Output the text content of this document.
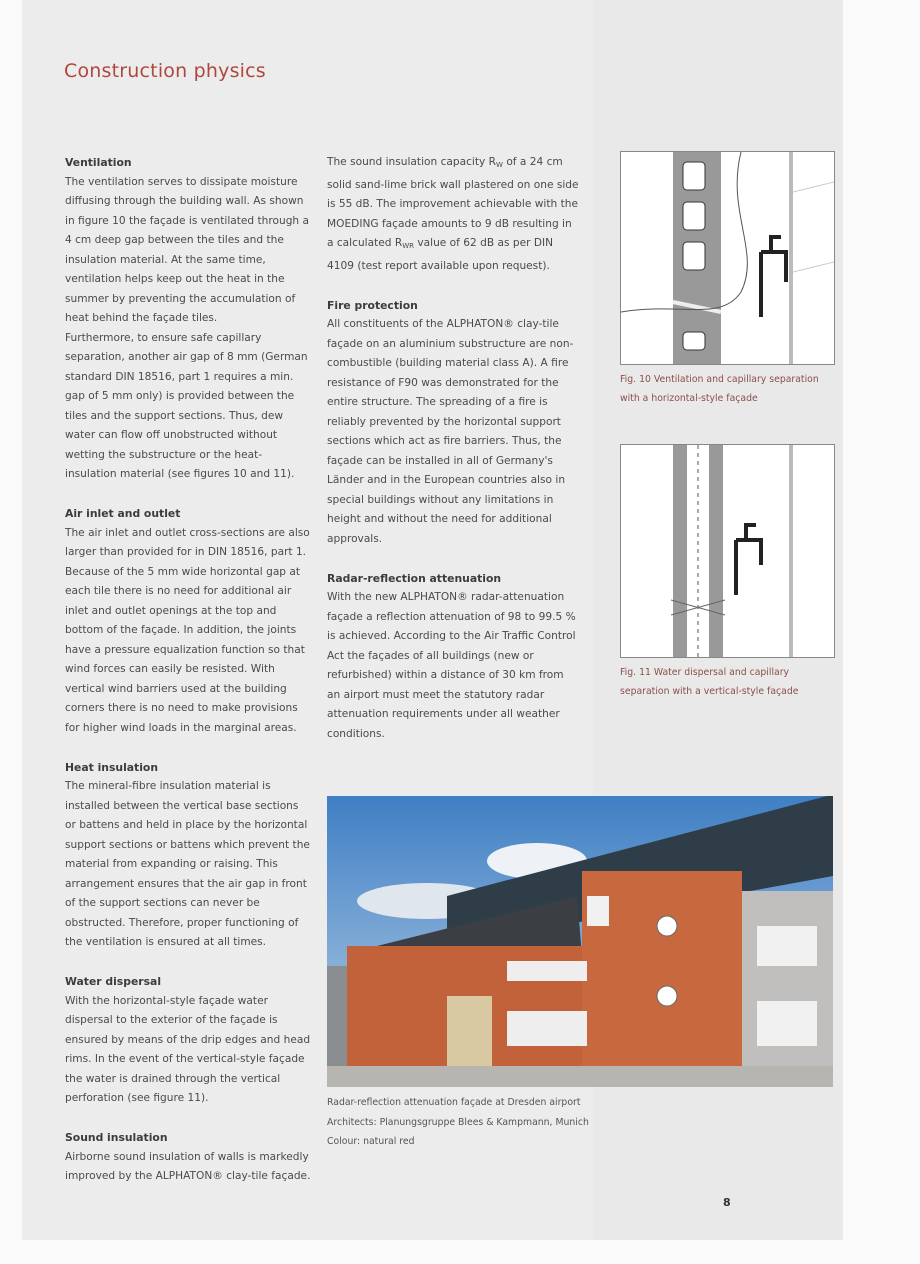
Construction physics
Ventilation

The ventilation serves to dissipate moisture diffusing through the building wall. As shown in figure 10 the façade is ventilated through a 4 cm deep gap between the tiles and the insulation material. At the same time, ventilation helps keep out the heat in the summer by preventing the accumulation of heat behind the façade tiles.

Furthermore, to ensure safe capillary separation, another air gap of 8 mm (German standard DIN 18516, part 1 requires a min. gap of 5 mm only) is provided between the tiles and the support sections. Thus, dew water can flow off unobstructed without wetting the substructure or the heat-insulation material (see figures 10 and 11).

Air inlet and outlet

The air inlet and outlet cross-sections are also larger than provided for in DIN 18516, part 1. Because of the 5 mm wide horizontal gap at each tile there is no need for additional air inlet and outlet openings at the top and bottom of the façade. In addition, the joints have a pressure equalization function so that wind forces can easily be resisted. With vertical wind barriers used at the building corners there is no need to make provisions for higher wind loads in the marginal areas.

Heat insulation

The mineral-fibre insulation material is installed between the vertical base sections or battens and held in place by the horizontal support sections or battens which prevent the material from expanding or raising. This arrangement ensures that the air gap in front of the support sections can never be obstructed. Therefore, proper functioning of the ventilation is ensured at all times.

Water dispersal

With the horizontal-style façade water dispersal to the exterior of the façade is ensured by means of the drip edges and head rims. In the event of the vertical-style façade the water is drained through the vertical perforation (see figure 11).

Sound insulation

Airborne sound insulation of walls is markedly improved by the ALPHATON® clay-tile façade.

The sound insulation capacity $R_W$ of a 24 cm solid sand-lime brick wall plastered on one side is 55 dB. The improvement achievable with the MOEDING façade amounts to 9 dB resulting in a calculated $R_{WR}$ value of 62 dB as per DIN 4109 (test report available upon request).

Fire protection

All constituents of the ALPHATON® clay-tile façade on an aluminium substructure are non-combustible (building material class A). A fire resistance of F90 was demonstrated for the entire structure. The spreading of a fire is reliably prevented by the horizontal support sections which act as fire barriers. Thus, the façade can be installed in all of Germany's Länder and in the European countries also in special buildings without any limitations in height and without the need for additional approvals.

Radar-reflection attenuation

With the new ALPHATON® radar-attenuation façade a reflection attenuation of 98 to 99.5 % is achieved. According to the Air Traffic Control Act the façades of all buildings (new or refurbished) within a distance of 30 km from an airport must meet the statutory radar attenuation requirements under all weather conditions.

Fig. 10 Ventilation and capillary separation with a horizontal-style façade
Fig. 11 Water dispersal and capillary separation with a vertical-style façade
Radar-reflection attenuation façade at Dresden airport
Architects: Planungsgruppe Blees & Kampmann, Munich
Colour: natural red
8
